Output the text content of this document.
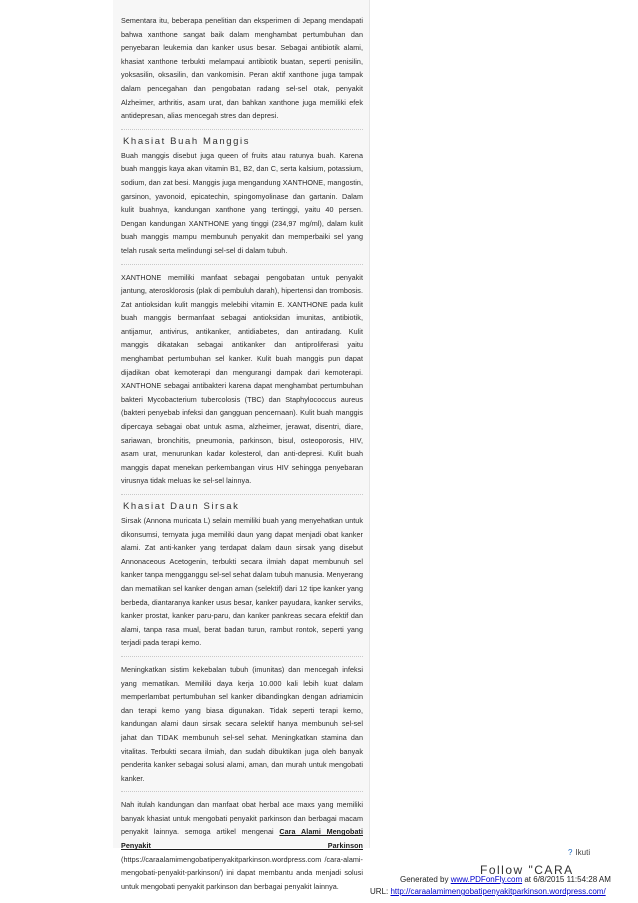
Sementara itu, beberapa penelitian dan eksperimen di Jepang mendapati bahwa xanthone sangat baik dalam menghambat pertumbuhan dan penyebaran leukemia dan kanker usus besar. Sebagai antibiotik alami, khasiat xanthone terbukti melampaui antibiotik buatan, seperti penisilin, yoksasilin, oksasilin, dan vankomisin. Peran aktif xanthone juga tampak dalam pencegahan dan pengobatan radang sel-sel otak, penyakit Alzheimer, arthritis, asam urat, dan bahkan xanthone juga memiliki efek antidepresan, alias mencegah stres dan depresi.

Khasiat Buah Manggis

Buah manggis disebut juga queen of fruits atau ratunya buah. Karena buah manggis kaya akan vitamin B1, B2, dan C, serta kalsium, potassium, sodium, dan zat besi. Manggis juga mengandung XANTHONE, mangostin, garsinon, yavonoid, epicatechin, spingomyolinase dan gartanin. Dalam kulit buahnya, kandungan xanthone yang tertinggi, yaitu 40 persen. Dengan kandungan XANTHONE yang tinggi (234,97 mg/ml), dalam kulit buah manggis mampu membunuh penyakit dan memperbaiki sel yang telah rusak serta melindungi sel-sel di dalam tubuh.

XANTHONE memiliki manfaat sebagai pengobatan untuk penyakit jantung, aterosklorosis (plak di pembuluh darah), hipertensi dan trombosis. Zat antioksidan kulit manggis melebihi vitamin E. XANTHONE pada kulit buah manggis bermanfaat sebagai antioksidan imunitas, antibiotik, antijamur, antivirus, antikanker, antidiabetes, dan antiradang. Kulit manggis dikatakan sebagai antikanker dan antiproliferasi yaitu menghambat pertumbuhan sel kanker. Kulit buah manggis pun dapat dijadikan obat kemoterapi dan mengurangi dampak dari kemoterapi. XANTHONE sebagai antibakteri karena dapat menghambat pertumbuhan bakteri Mycobacterium tubercolosis (TBC) dan Staphylococcus aureus (bakteri penyebab infeksi dan gangguan pencernaan). Kulit buah manggis dipercaya sebagai obat untuk asma, alzheimer, jerawat, disentri, diare, sariawan, bronchitis, pneumonia, parkinson, bisul, osteoporosis, HIV, asam urat, menurunkan kadar kolesterol, dan anti-depresi. Kulit buah manggis dapat menekan perkembangan virus HIV sehingga penyebaran virusnya tidak meluas ke sel-sel lainnya.

Khasiat Daun Sirsak

Sirsak (Annona muricata L) selain memiliki buah yang menyehatkan untuk dikonsumsi, ternyata juga memiliki daun yang dapat menjadi obat kanker alami. Zat anti-kanker yang terdapat dalam daun sirsak yang disebut Annonaceous Acetogenin, terbukti secara ilmiah dapat membunuh sel kanker tanpa mengganggu sel-sel sehat dalam tubuh manusia. Menyerang dan mematikan sel kanker dengan aman (selektif) dari 12 tipe kanker yang berbeda, diantaranya kanker usus besar, kanker payudara, kanker serviks, kanker prostat, kanker paru-paru, dan kanker pankreas secara efektif dan alami, tanpa rasa mual, berat badan turun, rambut rontok, seperti yang terjadi pada terapi kemo.

Meningkatkan sistim kekebalan tubuh (imunitas) dan mencegah infeksi yang mematikan. Memiliki daya kerja 10.000 kali lebih kuat dalam memperlambat pertumbuhan sel kanker dibandingkan dengan adriamicin dan terapi kemo yang biasa digunakan. Tidak seperti terapi kemo, kandungan alami daun sirsak secara selektif hanya membunuh sel-sel jahat dan TIDAK membunuh sel-sel sehat. Meningkatkan stamina dan vitalitas. Terbukti secara ilmiah, dan sudah dibuktikan juga oleh banyak penderita kanker sebagai solusi alami, aman, dan murah untuk mengobati kanker.

Nah itulah kandungan dan manfaat obat herbal ace maxs yang memiliki banyak khasiat untuk mengobati penyakit parkinson dan berbagai macam penyakit lainnya. semoga artikel mengenai Cara Alami Mengobati Penyakit Parkinson (https://caraalamimengobatipenyakitparkinson.wordpress.com /cara-alami-mengobati-penyakit-parkinson/) ini dapat membantu anda menjadi solusi untuk mengobati penyakit parkinson dan berbagai penyakit lainnya.

? Ikuti
Follow "CARA
Generated by www.PDFonFly.com at 6/8/2015 11:54:28 AM
URL: http://caraalamimengobatipenyakitparkinson.wordpress.com/
